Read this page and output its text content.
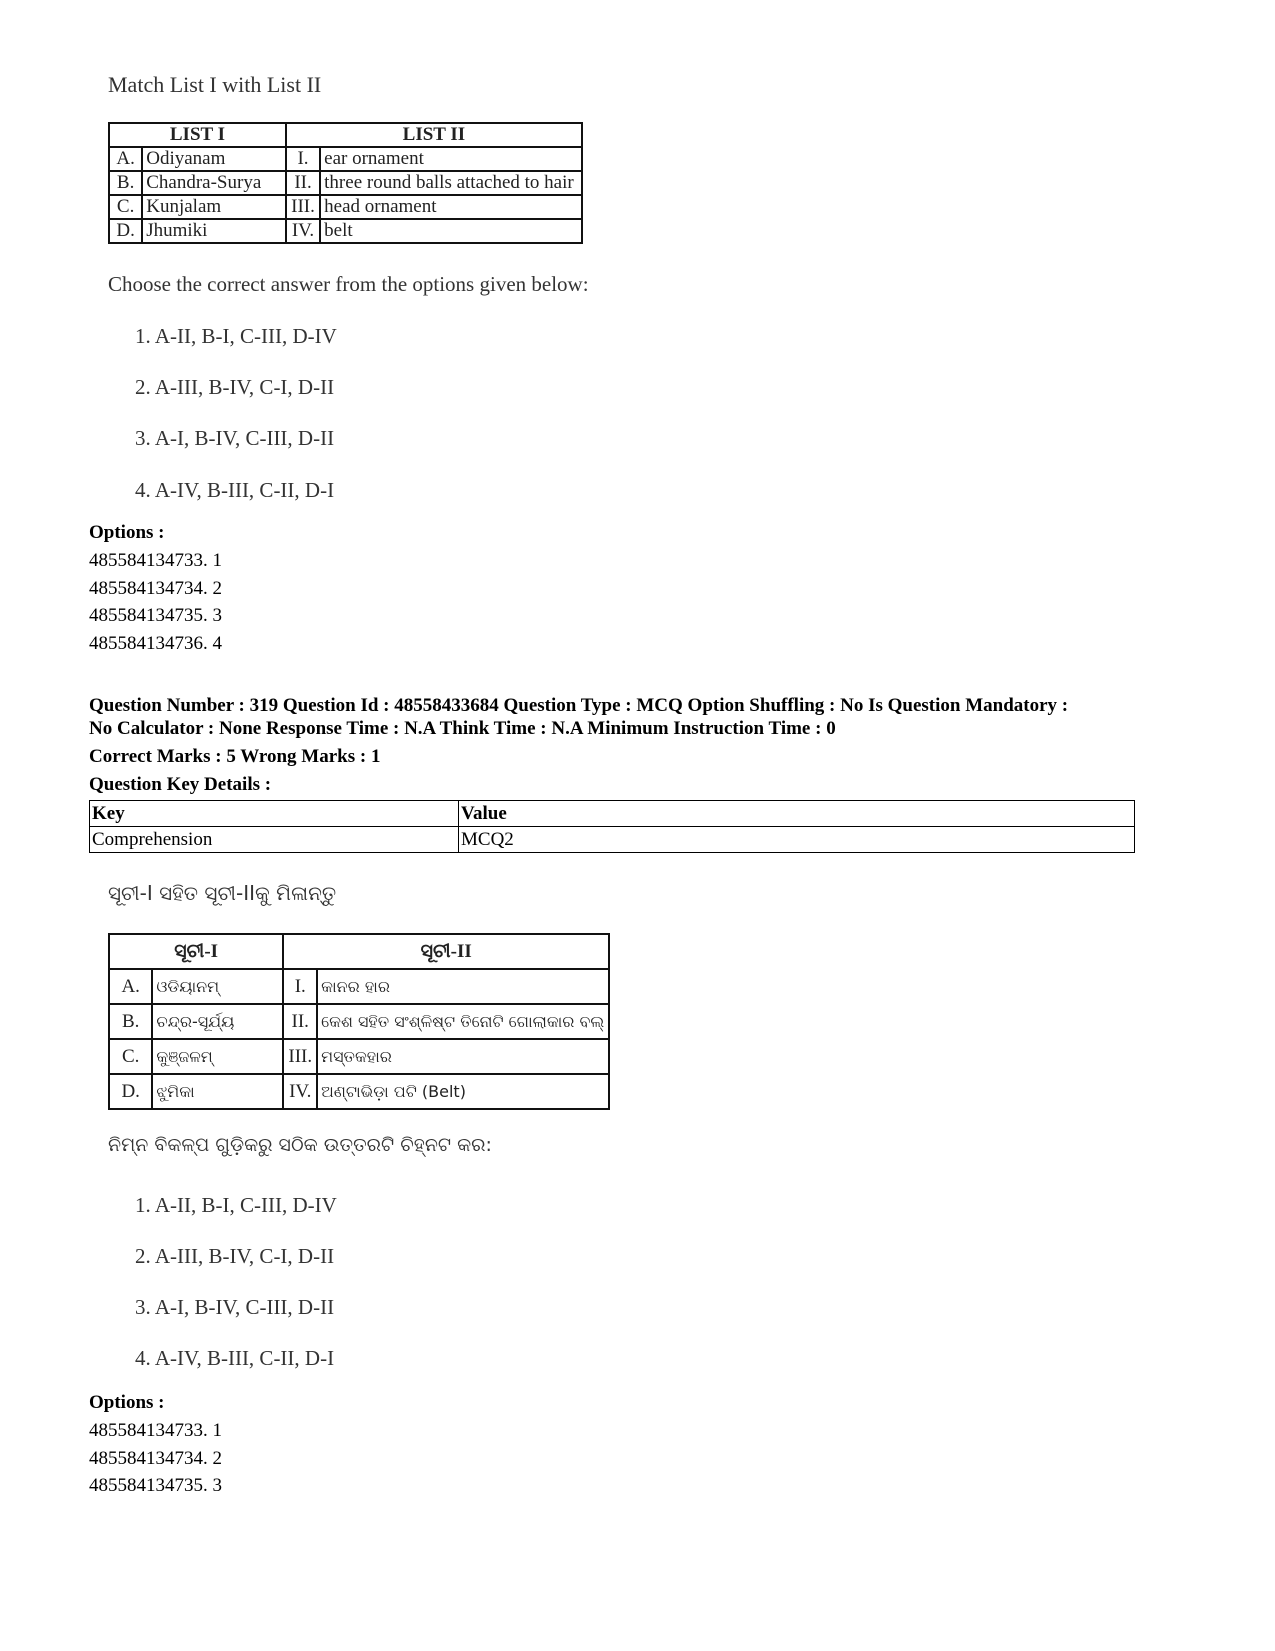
Match List I with List II
LIST I		LIST II	
A.	Odiyanam	I.	ear ornament
B.	Chandra-Surya	II.	three round balls attached to hair
C.	Kunjalam	III.	head ornament
D.	Jhumiki	IV.	belt
Choose the correct answer from the options given below:
1. A-II, B-I, C-III, D-IV
2. A-III, B-IV, C-I, D-II
3. A-I, B-IV, C-III, D-II
4. A-IV, B-III, C-II, D-I
Options :
485584134733. 1
485584134734. 2
485584134735. 3
485584134736. 4
Question Number : 319 Question Id : 48558433684 Question Type : MCQ Option Shuffling : No Is Question Mandatory :
No Calculator : None Response Time : N.A Think Time : N.A Minimum Instruction Time : 0
Correct Marks : 5 Wrong Marks : 1
Question Key Details :
Key	Value
Comprehension	MCQ2
ସୂଚୀ-I ସହିତ ସୂଚୀ-IIକୁ ମିଳାନ୍ତୁ
ସୂଚୀ-I		ସୂଚୀ-II	
A.	ଓଡିୟାନମ୍	I.	କାନର ହାର
B.	ଚନ୍ଦ୍ର-ସୂର୍ଯ୍ୟ	II.	କେଶ ସହିତ ସଂଶ୍ଳିଷ୍ଟ ତିନୋଟି ଗୋଲାକାର ବଲ୍
C.	କୁଞ୍ଜଳମ୍	III.	ମସ୍ତକହାର
D.	ଝୁମିକା	IV.	ଅଣ୍ଟାଭିଡ଼ା ପଟି (Belt)
ନିମ୍ନ ବିକଳ୍ପ ଗୁଡ଼ିକରୁ ସଠିକ ଉତ୍ତରଟି ଚିହ୍ନଟ କର:
1. A-II, B-I, C-III, D-IV
2. A-III, B-IV, C-I, D-II
3. A-I, B-IV, C-III, D-II
4. A-IV, B-III, C-II, D-I
Options :
485584134733. 1
485584134734. 2
485584134735. 3
